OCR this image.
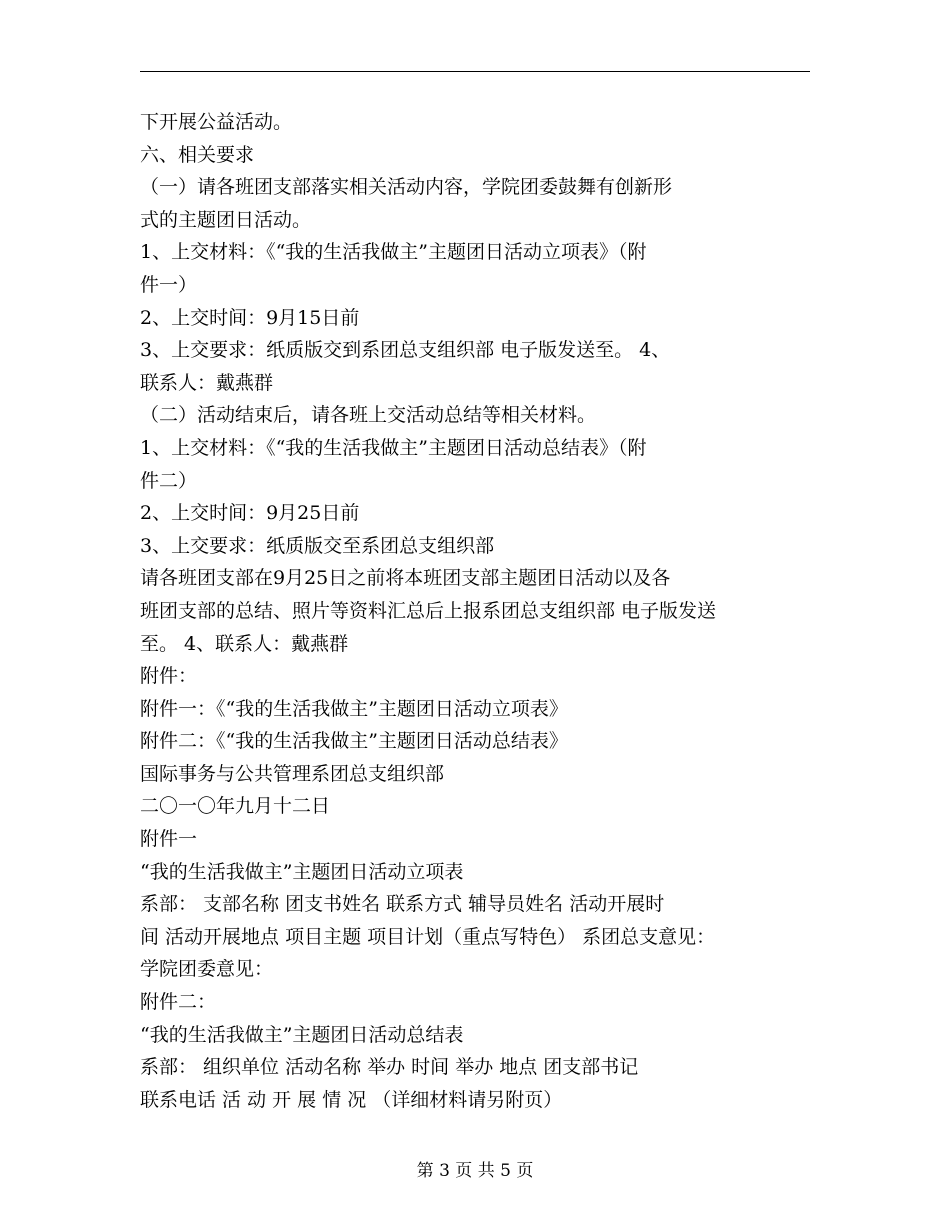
下开展公益活动。

六、相关要求

（一）请各班团支部落实相关活动内容，学院团委鼓舞有创新形

式的主题团日活动。

1、上交材料：《“我的生活我做主”主题团日活动立项表》（附

件一）

2、上交时间：9月15日前

3、上交要求：纸质版交到系团总支组织部 电子版发送至。 4、

联系人：戴燕群

（二）活动结束后，请各班上交活动总结等相关材料。

1、上交材料：《“我的生活我做主”主题团日活动总结表》（附

件二）

2、上交时间：9月25日前

3、上交要求：纸质版交至系团总支组织部

请各班团支部在9月25日之前将本班团支部主题团日活动以及各

班团支部的总结、照片等资料汇总后上报系团总支组织部 电子版发送

至。 4、联系人：戴燕群

附件：

附件一：《“我的生活我做主”主题团日活动立项表》

附件二：《“我的生活我做主”主题团日活动总结表》

国际事务与公共管理系团总支组织部

二〇一〇年九月十二日

附件一

“我的生活我做主”主题团日活动立项表

系部： 支部名称 团支书姓名 联系方式 辅导员姓名 活动开展时

间 活动开展地点 项目主题 项目计划（重点写特色） 系团总支意见：

学院团委意见：

附件二：

“我的生活我做主”主题团日活动总结表

系部： 组织单位 活动名称 举办 时间 举办 地点 团支部书记

联系电话 活 动 开 展 情 况 （详细材料请另附页）

第 3 页 共 5 页
